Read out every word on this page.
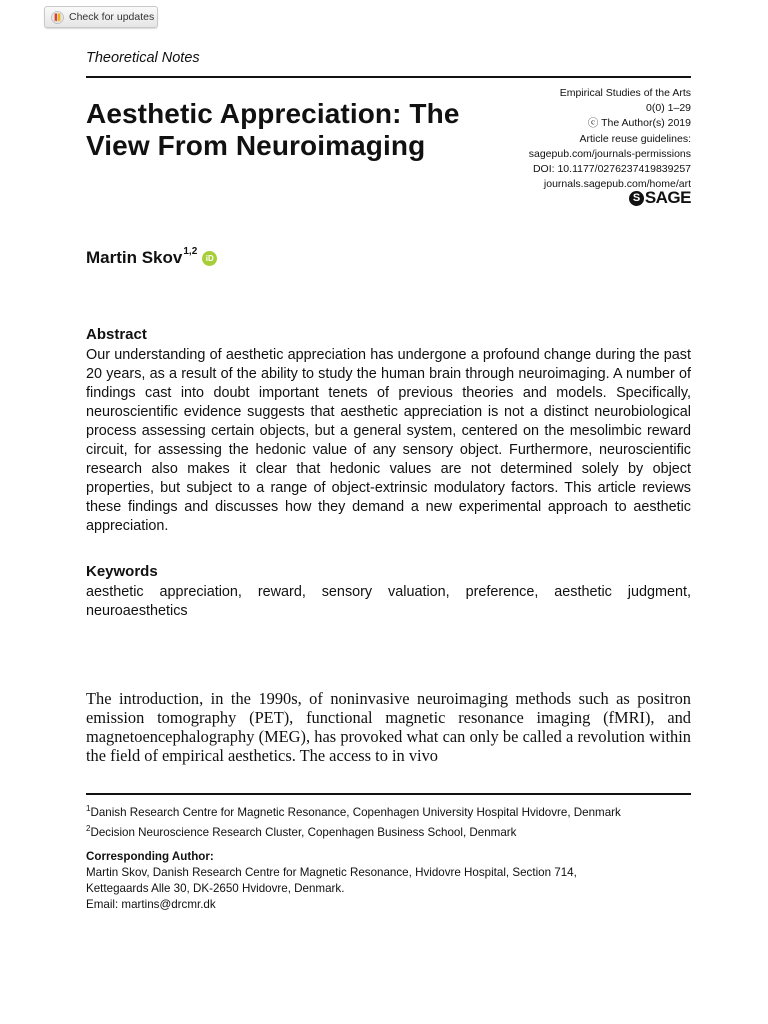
Check for updates
Theoretical Notes
Aesthetic Appreciation: The View From Neuroimaging
Empirical Studies of the Arts
0(0) 1–29
ⓒ The Author(s) 2019
Article reuse guidelines:
sagepub.com/journals-permissions
DOI: 10.1177/0276237419839257
journals.sagepub.com/home/art
S SAGE
Martin Skov$^{1,2}$
iD
Abstract

Our understanding of aesthetic appreciation has undergone a profound change during the past 20 years, as a result of the ability to study the human brain through neuroimaging. A number of findings cast into doubt important tenets of previous theories and models. Specifically, neuroscientific evidence suggests that aesthetic appreciation is not a distinct neurobiological process assessing certain objects, but a general system, centered on the mesolimbic reward circuit, for assessing the hedonic value of any sensory object. Furthermore, neuroscientific research also makes it clear that hedonic values are not determined solely by object properties, but subject to a range of object-extrinsic modulatory factors. This article reviews these findings and discusses how they demand a new experimental approach to aesthetic appreciation.

Keywords

aesthetic appreciation, reward, sensory valuation, preference, aesthetic judgment, neuroaesthetics

The introduction, in the 1990s, of noninvasive neuroimaging methods such as positron emission tomography (PET), functional magnetic resonance imaging (fMRI), and magnetoencephalography (MEG), has provoked what can only be called a revolution within the field of empirical aesthetics. The access to in vivo

$^1$Danish Research Centre for Magnetic Resonance, Copenhagen University Hospital Hvidovre, Denmark

$^2$Decision Neuroscience Research Cluster, Copenhagen Business School, Denmark

Corresponding Author:

Martin Skov, Danish Research Centre for Magnetic Resonance, Hvidovre Hospital, Section 714,

Kettegaards Alle 30, DK-2650 Hvidovre, Denmark.

Email: martins@drcmr.dk
